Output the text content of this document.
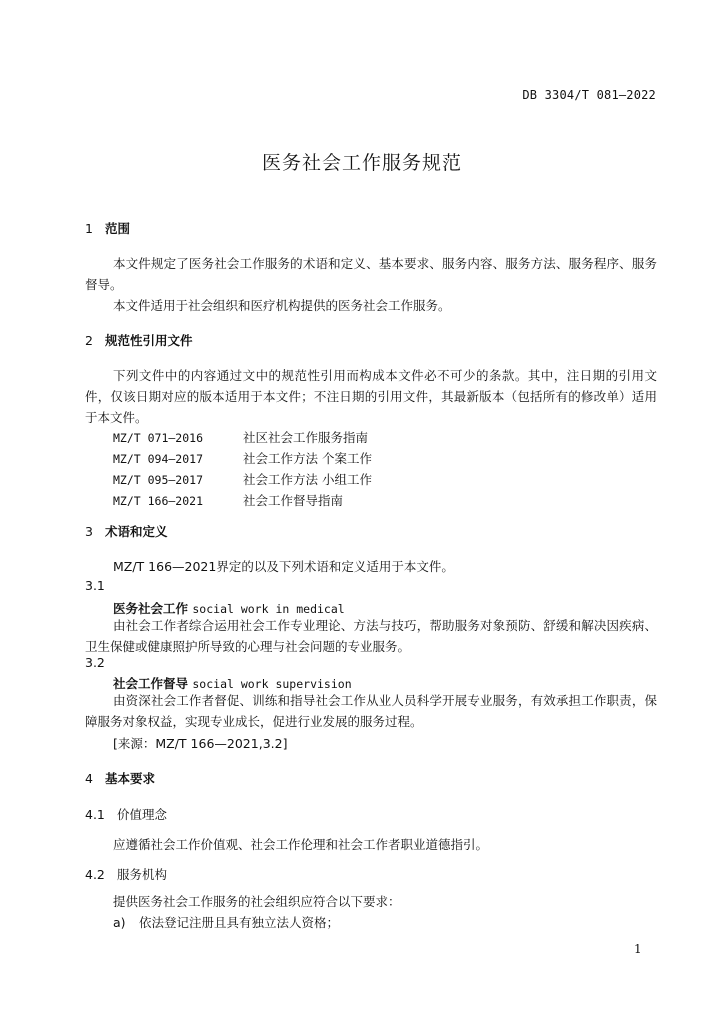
DB 3304/T 081—2022
医务社会工作服务规范
1 范围
本文件规定了医务社会工作服务的术语和定义、基本要求、服务内容、服务方法、服务程序、服务督导。
本文件适用于社会组织和医疗机构提供的医务社会工作服务。
2 规范性引用文件
下列文件中的内容通过文中的规范性引用而构成本文件必不可少的条款。其中，注日期的引用文件，仅该日期对应的版本适用于本文件；不注日期的引用文件，其最新版本（包括所有的修改单）适用于本文件。
MZ/T 071—2016	社区社会工作服务指南
MZ/T 094—2017	社会工作方法 个案工作
MZ/T 095—2017	社会工作方法 小组工作
MZ/T 166—2021	社会工作督导指南
3 术语和定义
MZ/T 166—2021界定的以及下列术语和定义适用于本文件。
3.1
医务社会工作 social work in medical
由社会工作者综合运用社会工作专业理论、方法与技巧，帮助服务对象预防、舒缓和解决因疾病、卫生保健或健康照护所导致的心理与社会问题的专业服务。
3.2
社会工作督导 social work supervision
由资深社会工作者督促、训练和指导社会工作从业人员科学开展专业服务，有效承担工作职责，保障服务对象权益，实现专业成长，促进行业发展的服务过程。
[来源：MZ/T 166—2021,3.2]
4 基本要求
4.1 价值理念
应遵循社会工作价值观、社会工作伦理和社会工作者职业道德指引。
4.2 服务机构
提供医务社会工作服务的社会组织应符合以下要求：
a) 依法登记注册且具有独立法人资格；
1
